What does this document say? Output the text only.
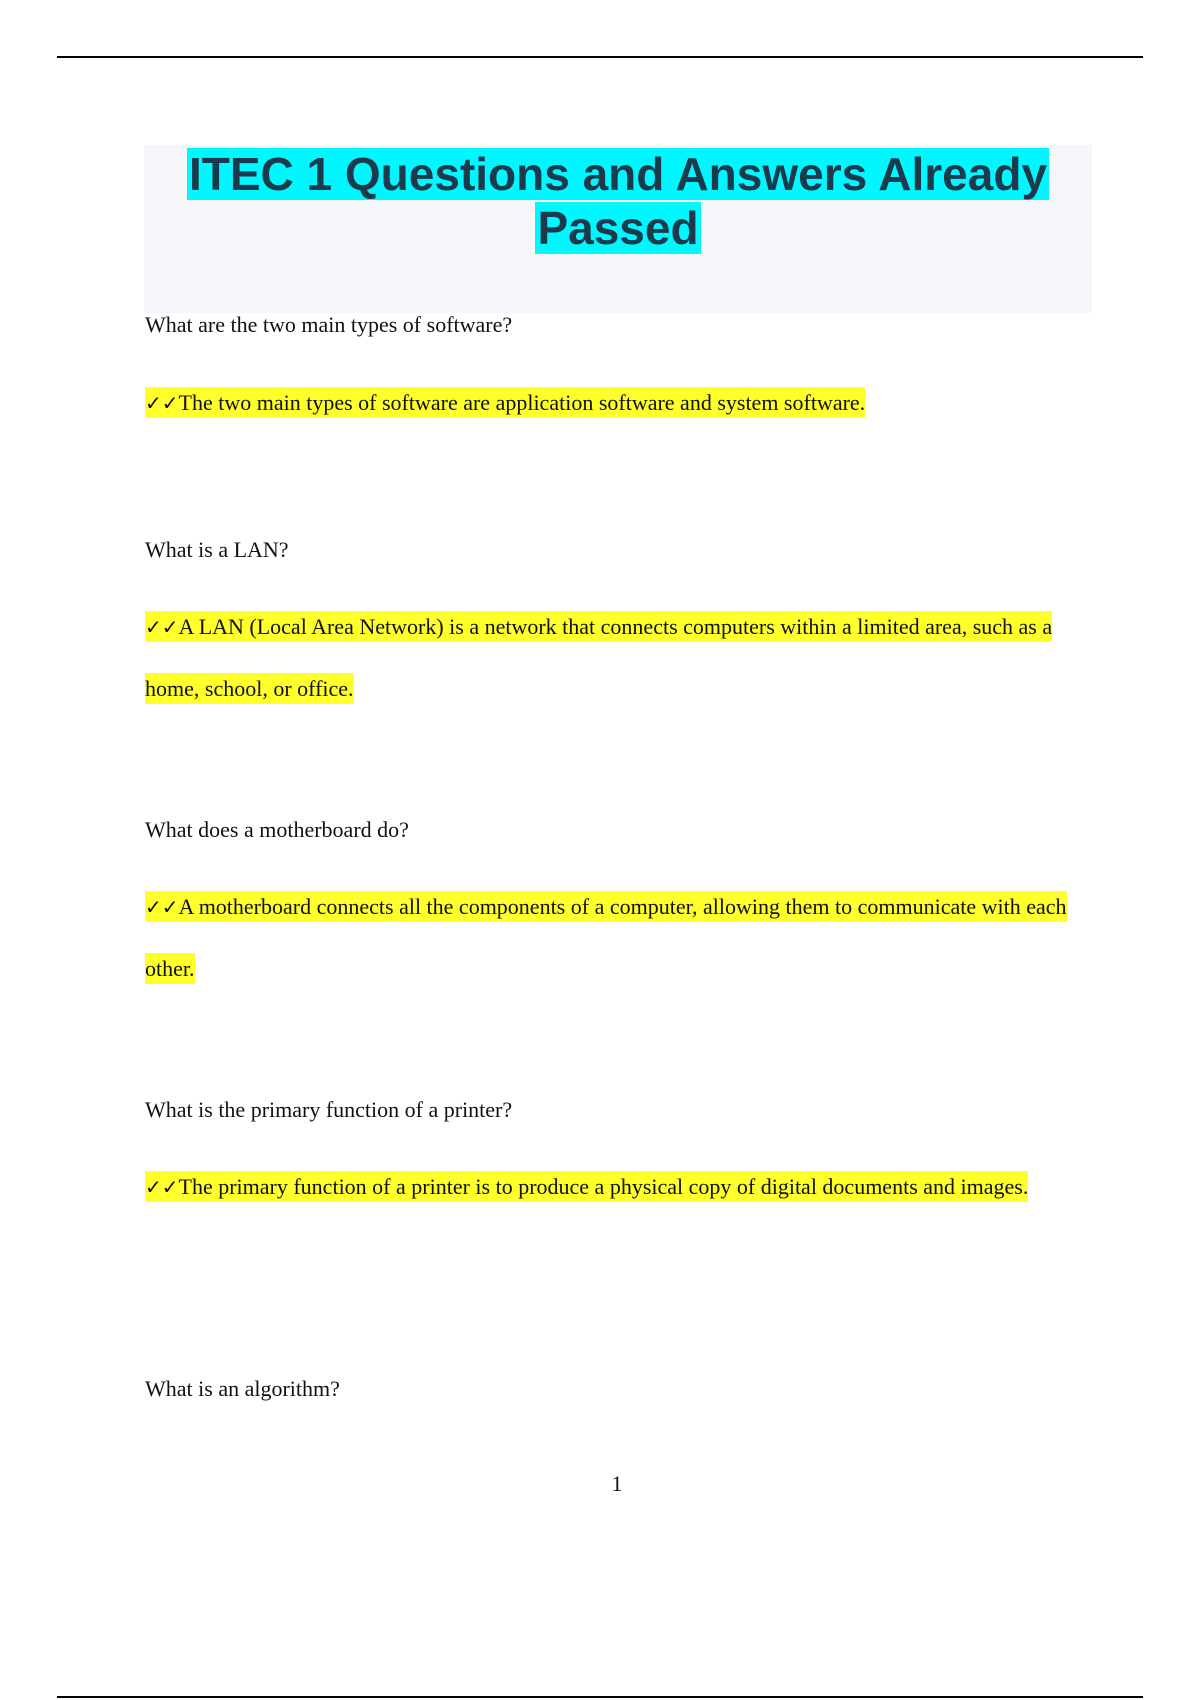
ITEC 1 Questions and Answers Already
Passed
What are the two main types of software?
✓✓The two main types of software are application software and system software.
What is a LAN?
✓✓A LAN (Local Area Network) is a network that connects computers within a limited area, such as a home, school, or office.
What does a motherboard do?
✓✓A motherboard connects all the components of a computer, allowing them to communicate with each other.
What is the primary function of a printer?
✓✓The primary function of a printer is to produce a physical copy of digital documents and images.
What is an algorithm?
1
